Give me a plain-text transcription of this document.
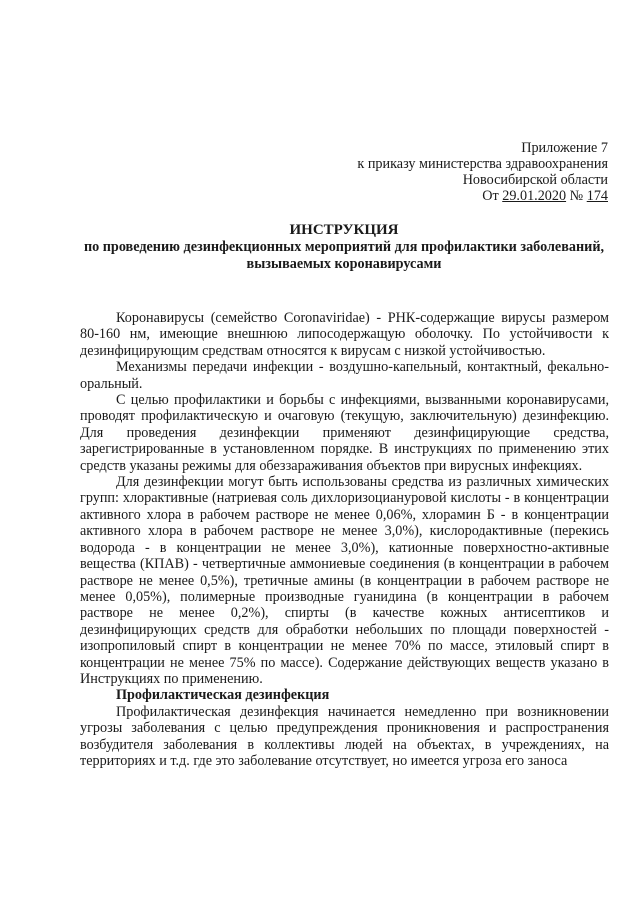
Приложение 7
к приказу министерства здравоохранения
Новосибирской области
От 29.01.2020 № 174
ИНСТРУКЦИЯ
по проведению дезинфекционных мероприятий для профилактики заболеваний, вызываемых коронавирусами

Коронавирусы (семейство Coronaviridae) - РНК-содержащие вирусы размером 80-160 нм, имеющие внешнюю липосодержащую оболочку. По устойчивости к дезинфицирующим средствам относятся к вирусам с низкой устойчивостью.

Механизмы передачи инфекции - воздушно-капельный, контактный, фекально-оральный.

С целью профилактики и борьбы с инфекциями, вызванными коронавирусами, проводят профилактическую и очаговую (текущую, заключительную) дезинфекцию. Для проведения дезинфекции применяют дезинфицирующие средства, зарегистрированные в установленном порядке. В инструкциях по применению этих средств указаны режимы для обеззараживания объектов при вирусных инфекциях.

Для дезинфекции могут быть использованы средства из различных химических групп: хлорактивные (натриевая соль дихлоризоциануровой кислоты - в концентрации активного хлора в рабочем растворе не менее 0,06%, хлорамин Б - в концентрации активного хлора в рабочем растворе не менее 3,0%), кислородактивные (перекись водорода - в концентрации не менее 3,0%), катионные поверхностно-активные вещества (КПАВ) - четвертичные аммониевые соединения (в концентрации в рабочем растворе не менее 0,5%), третичные амины (в концентрации в рабочем растворе не менее 0,05%), полимерные производные гуанидина (в концентрации в рабочем растворе не менее 0,2%), спирты (в качестве кожных антисептиков и дезинфицирующих средств для обработки небольших по площади поверхностей - изопропиловый спирт в концентрации не менее 70% по массе, этиловый спирт в концентрации не менее 75% по массе). Содержание действующих веществ указано в Инструкциях по применению.

Профилактическая дезинфекция

Профилактическая дезинфекция начинается немедленно при возникновении угрозы заболевания с целью предупреждения проникновения и распространения возбудителя заболевания в коллективы людей на объектах, в учреждениях, на территориях и т.д. где это заболевание отсутствует, но имеется угроза его заноса
